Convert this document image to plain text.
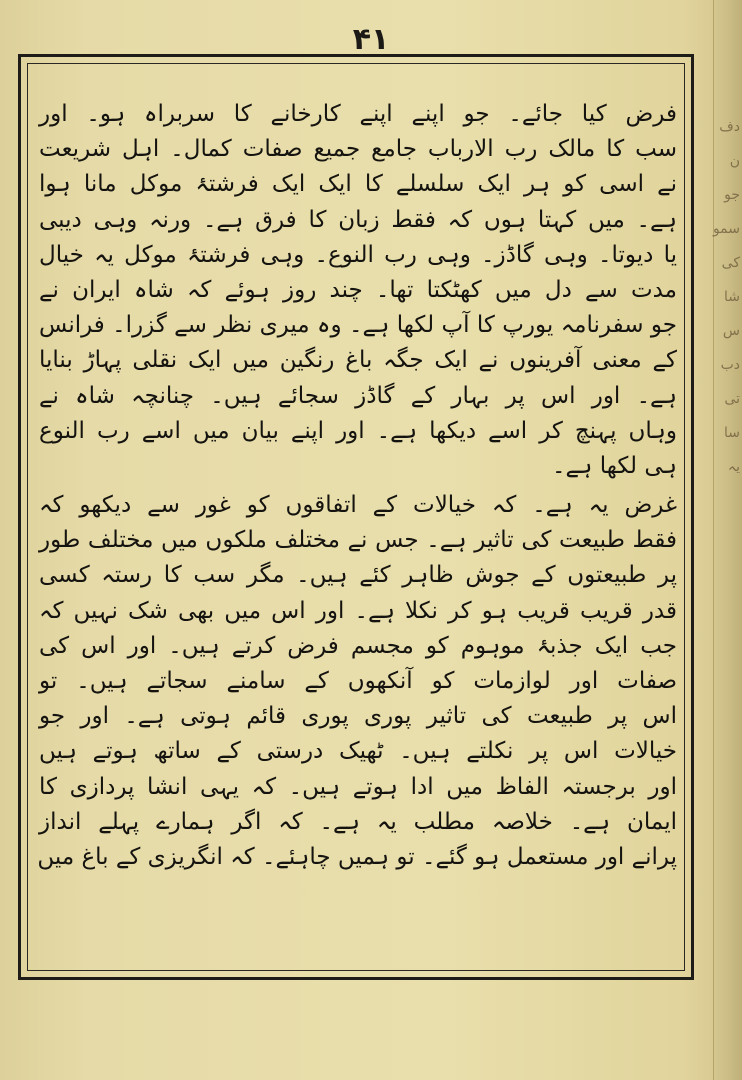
دف
ن
جو
سمو
کی
شا
س
دب
تی
سا
یہ
۴۱
فرض کیا جائے۔ جو اپنے اپنے کارخانے کا سربراہ ہو۔ اور
سب کا مالک رب الارباب جامع جمیع صفات کمال۔ اہل شریعت
نے اسی کو ہر ایک سلسلے کا ایک ایک فرشتۂ موکل مانا ہوا
ہے۔ میں کہتا ہوں کہ فقط زبان کا فرق ہے۔ ورنہ وہی دیبی
یا دیوتا۔ وہی گاڈز۔ وہی رب النوع۔ وہی فرشتۂ موکل یہ خیال
مدت سے دل میں کھٹکتا تھا۔ چند روز ہوئے کہ شاہ ایران نے
جو سفرنامہ یورپ کا آپ لکھا ہے۔ وہ میری نظر سے گزرا۔ فرانس
کے معنی آفرینوں نے ایک جگہ باغ رنگین میں ایک نقلی پہاڑ بنایا
ہے۔ اور اس پر بہار کے گاڈز سجائے ہیں۔ چنانچہ شاہ نے
وہاں پہنچ کر اسے دیکھا ہے۔ اور اپنے بیان میں اسے رب النوع
ہی لکھا ہے۔
غرض یہ ہے۔ کہ خیالات کے اتفاقوں کو غور سے دیکھو کہ
فقط طبیعت کی تاثیر ہے۔ جس نے مختلف ملکوں میں مختلف طور
پر طبیعتوں کے جوش ظاہر کئے ہیں۔ مگر سب کا رستہ کسی
قدر قریب قریب ہو کر نکلا ہے۔ اور اس میں بھی شک نہیں کہ
جب ایک جذبۂ موہوم کو مجسم فرض کرتے ہیں۔ اور اس کی
صفات اور لوازمات کو آنکھوں کے سامنے سجاتے ہیں۔ تو
اس پر طبیعت کی تاثیر پوری پوری قائم ہوتی ہے۔ اور جو
خیالات اس پر نکلتے ہیں۔ ٹھیک درستی کے ساتھ ہوتے ہیں
اور برجستہ الفاظ میں ادا ہوتے ہیں۔ کہ یہی انشا پردازی کا
ایمان ہے۔ خلاصہ مطلب یہ ہے۔ کہ اگر ہمارے پہلے انداز
پرانے اور مستعمل ہو گئے۔ تو ہمیں چاہئے۔ کہ انگریزی کے باغ میں
